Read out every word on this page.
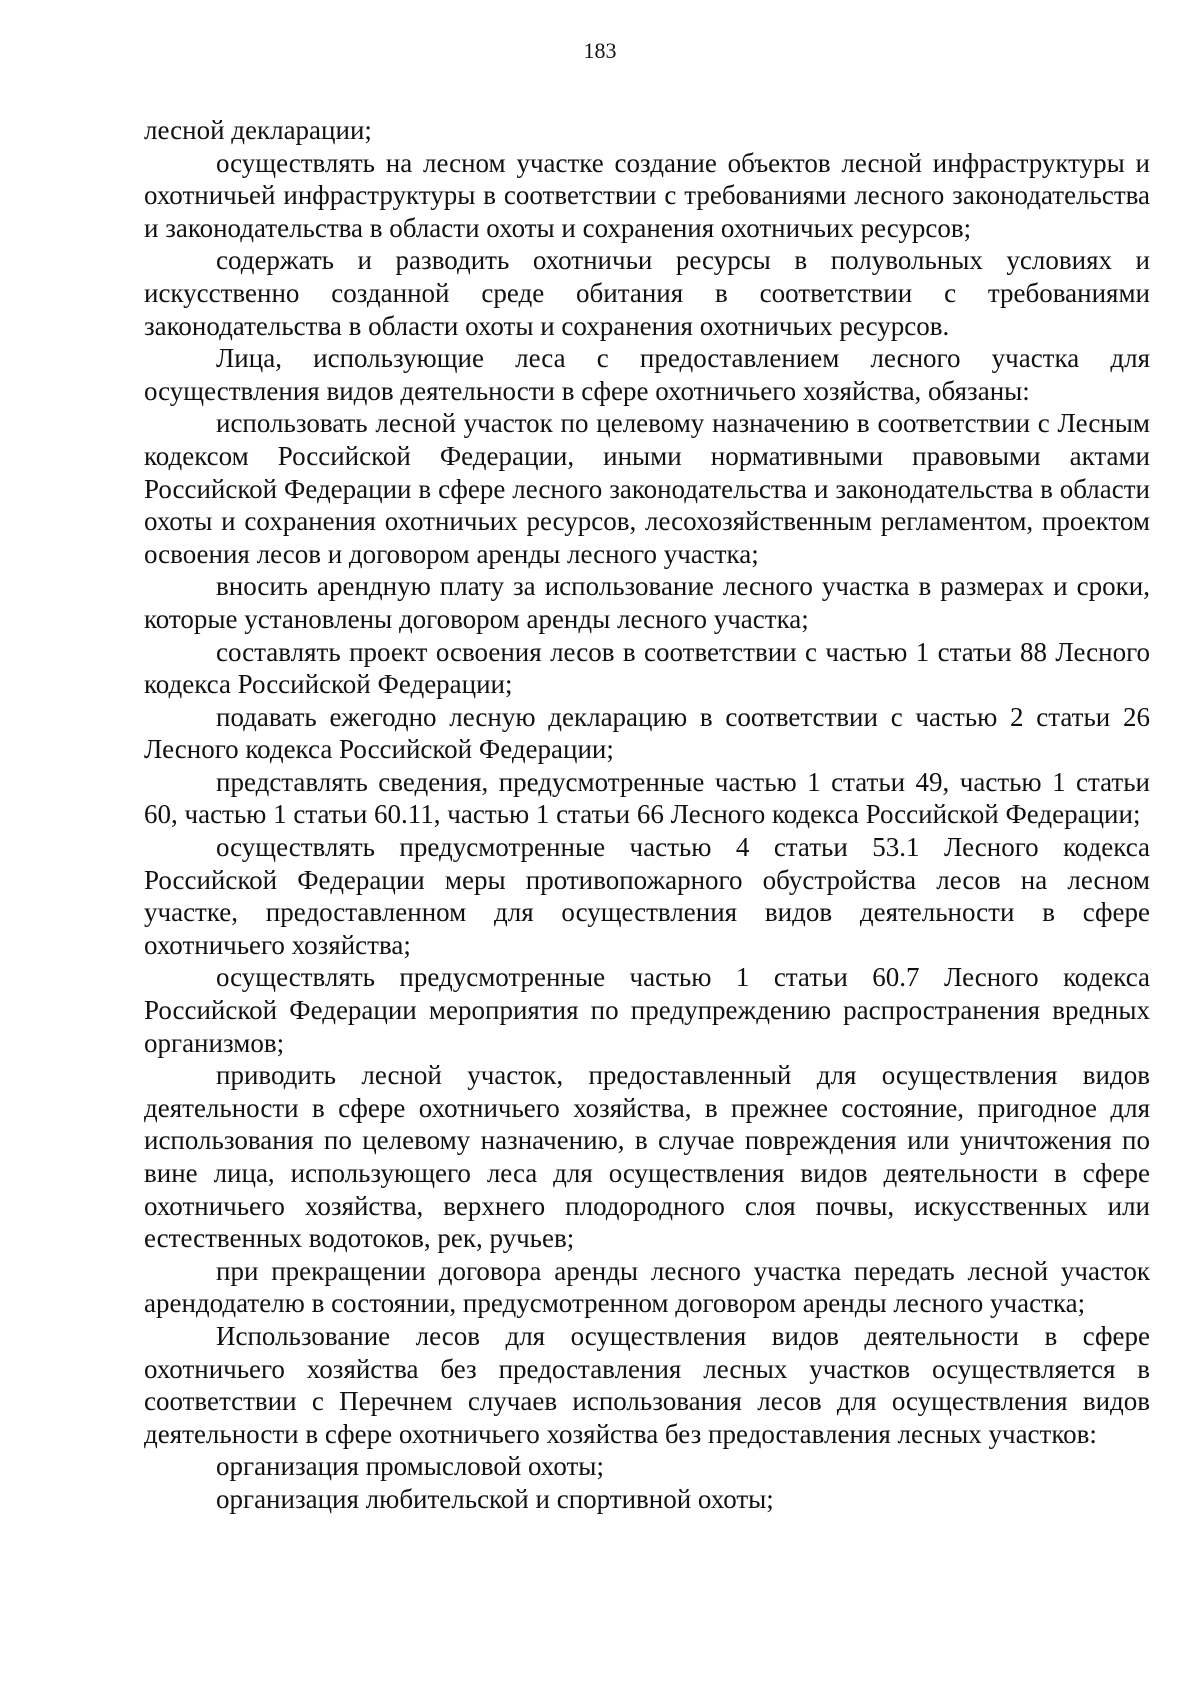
183

лесной декларации;

осуществлять на лесном участке создание объектов лесной инфраструктуры и охотничьей инфраструктуры в соответствии с требованиями лесного законодательства и законодательства в области охоты и сохранения охотничьих ресурсов;

содержать и разводить охотничьи ресурсы в полувольных условиях и искусственно созданной среде обитания в соответствии с требованиями законодательства в области охоты и сохранения охотничьих ресурсов.

Лица, использующие леса с предоставлением лесного участка для осуществления видов деятельности в сфере охотничьего хозяйства, обязаны:

использовать лесной участок по целевому назначению в соответствии с Лесным кодексом Российской Федерации, иными нормативными правовыми актами Российской Федерации в сфере лесного законодательства и законодательства в области охоты и сохранения охотничьих ресурсов, лесохозяйственным регламентом, проектом освоения лесов и договором аренды лесного участка;

вносить арендную плату за использование лесного участка в размерах и сроки, которые установлены договором аренды лесного участка;

составлять проект освоения лесов в соответствии с частью 1 статьи 88 Лесного кодекса Российской Федерации;

подавать ежегодно лесную декларацию в соответствии с частью 2 статьи 26 Лесного кодекса Российской Федерации;

представлять сведения, предусмотренные частью 1 статьи 49, частью 1 статьи 60, частью 1 статьи 60.11, частью 1 статьи 66 Лесного кодекса Российской Федерации;

осуществлять предусмотренные частью 4 статьи 53.1 Лесного кодекса Российской Федерации меры противопожарного обустройства лесов на лесном участке, предоставленном для осуществления видов деятельности в сфере охотничьего хозяйства;

осуществлять предусмотренные частью 1 статьи 60.7 Лесного кодекса Российской Федерации мероприятия по предупреждению распространения вредных организмов;

приводить лесной участок, предоставленный для осуществления видов деятельности в сфере охотничьего хозяйства, в прежнее состояние, пригодное для использования по целевому назначению, в случае повреждения или уничтожения по вине лица, использующего леса для осуществления видов деятельности в сфере охотничьего хозяйства, верхнего плодородного слоя почвы, искусственных или естественных водотоков, рек, ручьев;

при прекращении договора аренды лесного участка передать лесной участок арендодателю в состоянии, предусмотренном договором аренды лесного участка;

Использование лесов для осуществления видов деятельности в сфере охотничьего хозяйства без предоставления лесных участков осуществляется в соответствии с Перечнем случаев использования лесов для осуществления видов деятельности в сфере охотничьего хозяйства без предоставления лесных участков:

организация промысловой охоты;

организация любительской и спортивной охоты;
